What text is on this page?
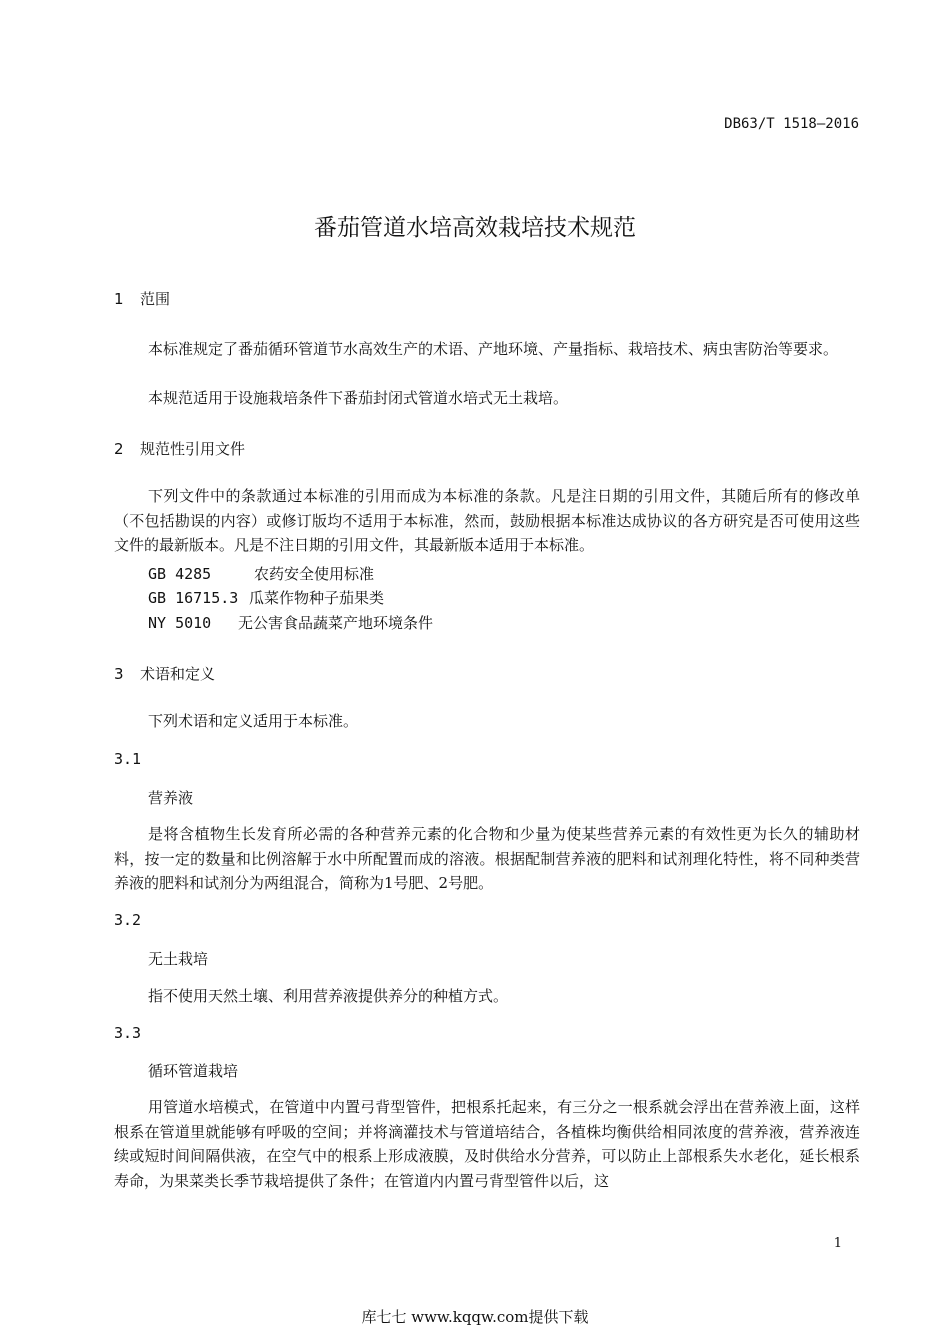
DB63/T 1518—2016
番茄管道水培高效栽培技术规范
1 范围
本标准规定了番茄循环管道节水高效生产的术语、产地环境、产量指标、栽培技术、病虫害防治等要求。
本规范适用于设施栽培条件下番茄封闭式管道水培式无土栽培。
2 规范性引用文件
下列文件中的条款通过本标准的引用而成为本标准的条款。凡是注日期的引用文件，其随后所有的修改单（不包括勘误的内容）或修订版均不适用于本标准，然而，鼓励根据本标准达成协议的各方研究是否可使用这些文件的最新版本。凡是不注日期的引用文件，其最新版本适用于本标准。
GB 4285	农药安全使用标准
GB 16715.3 瓜菜作物种子茄果类
NY 5010 无公害食品蔬菜产地环境条件
3 术语和定义
下列术语和定义适用于本标准。
3.1
营养液
是将含植物生长发育所必需的各种营养元素的化合物和少量为使某些营养元素的有效性更为长久的辅助材料，按一定的数量和比例溶解于水中所配置而成的溶液。根据配制营养液的肥料和试剂理化特性，将不同种类营养液的肥料和试剂分为两组混合，简称为1号肥、2号肥。
3.2
无土栽培
指不使用天然土壤、利用营养液提供养分的种植方式。
3.3
循环管道栽培
用管道水培模式，在管道中内置弓背型管件，把根系托起来，有三分之一根系就会浮出在营养液上面，这样根系在管道里就能够有呼吸的空间；并将滴灌技术与管道培结合，各植株均衡供给相同浓度的营养液，营养液连续或短时间间隔供液，在空气中的根系上形成液膜，及时供给水分营养，可以防止上部根系失水老化，延长根系寿命，为果菜类长季节栽培提供了条件；在管道内内置弓背型管件以后，这
1
库七七 www.kqqw.com提供下载
